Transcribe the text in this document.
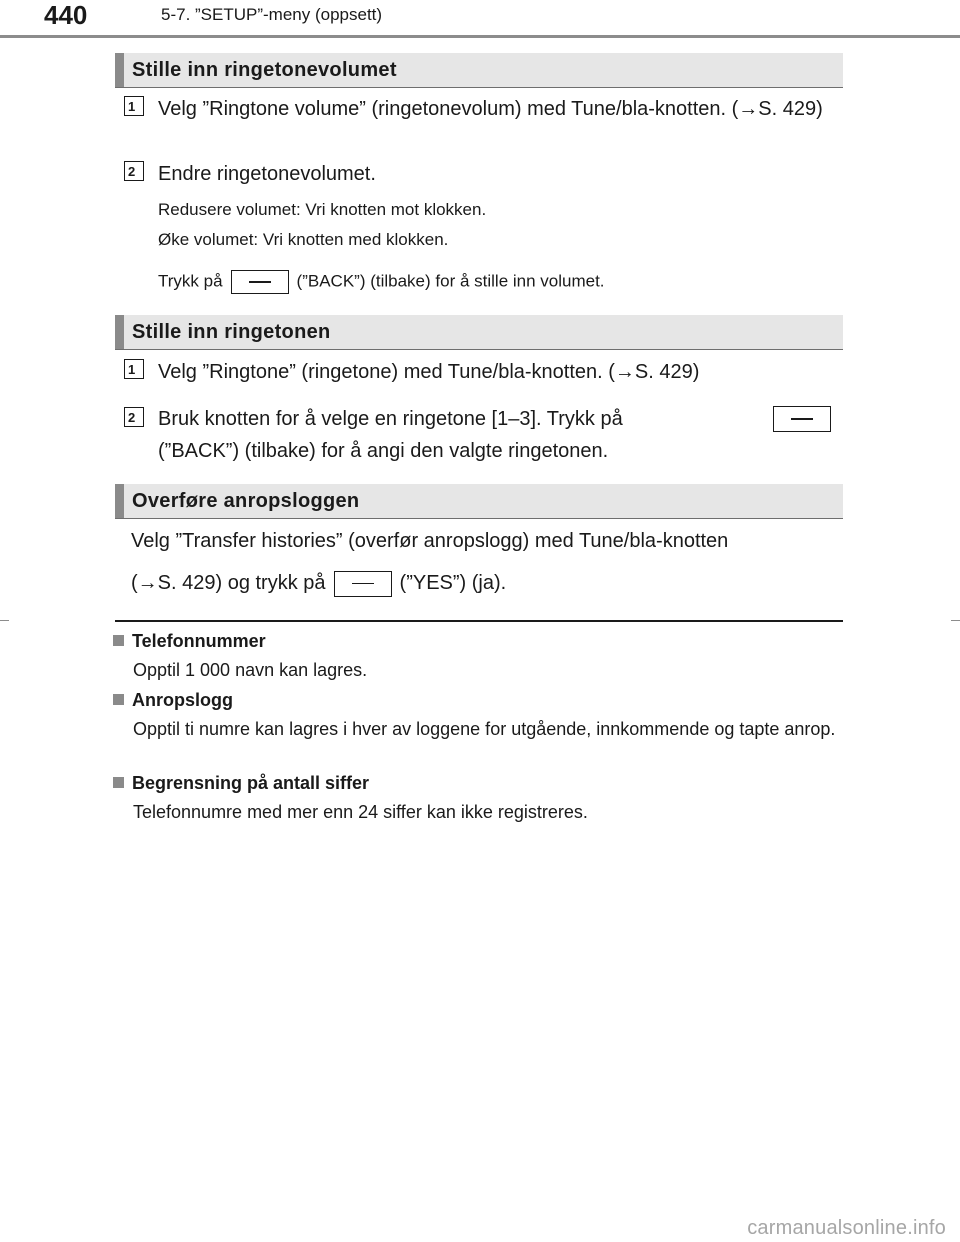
440	5-7. ”SETUP”-meny (oppsett)
Stille inn ringetonevolumet
1	Velg ”Ringtone volume” (ringetonevolum) med Tune/bla-knotten. (→S. 429)
2	Endre ringetonevolumet.
Redusere volumet: Vri knotten mot klokken.
Øke volumet: Vri knotten med klokken.
Trykk på	(”BACK”) (tilbake) for å stille inn volumet.
Stille inn ringetonen
1	Velg ”Ringtone” (ringetone) med Tune/bla-knotten. (→S. 429)
2	Bruk knotten for å velge en ringetone [1–3]. Trykk på
(”BACK”) (tilbake) for å angi den valgte ringetonen.
Overføre anropsloggen
Velg ”Transfer histories” (overfør anropslogg) med Tune/bla-knotten
(→S. 429) og trykk på	(”YES”) (ja).
Telefonnummer
Opptil 1 000 navn kan lagres.
Anropslogg
Opptil ti numre kan lagres i hver av loggene for utgående, innkommende og tapte anrop.
Begrensning på antall siffer
Telefonnumre med mer enn 24 siffer kan ikke registreres.
carmanualsonline.info
